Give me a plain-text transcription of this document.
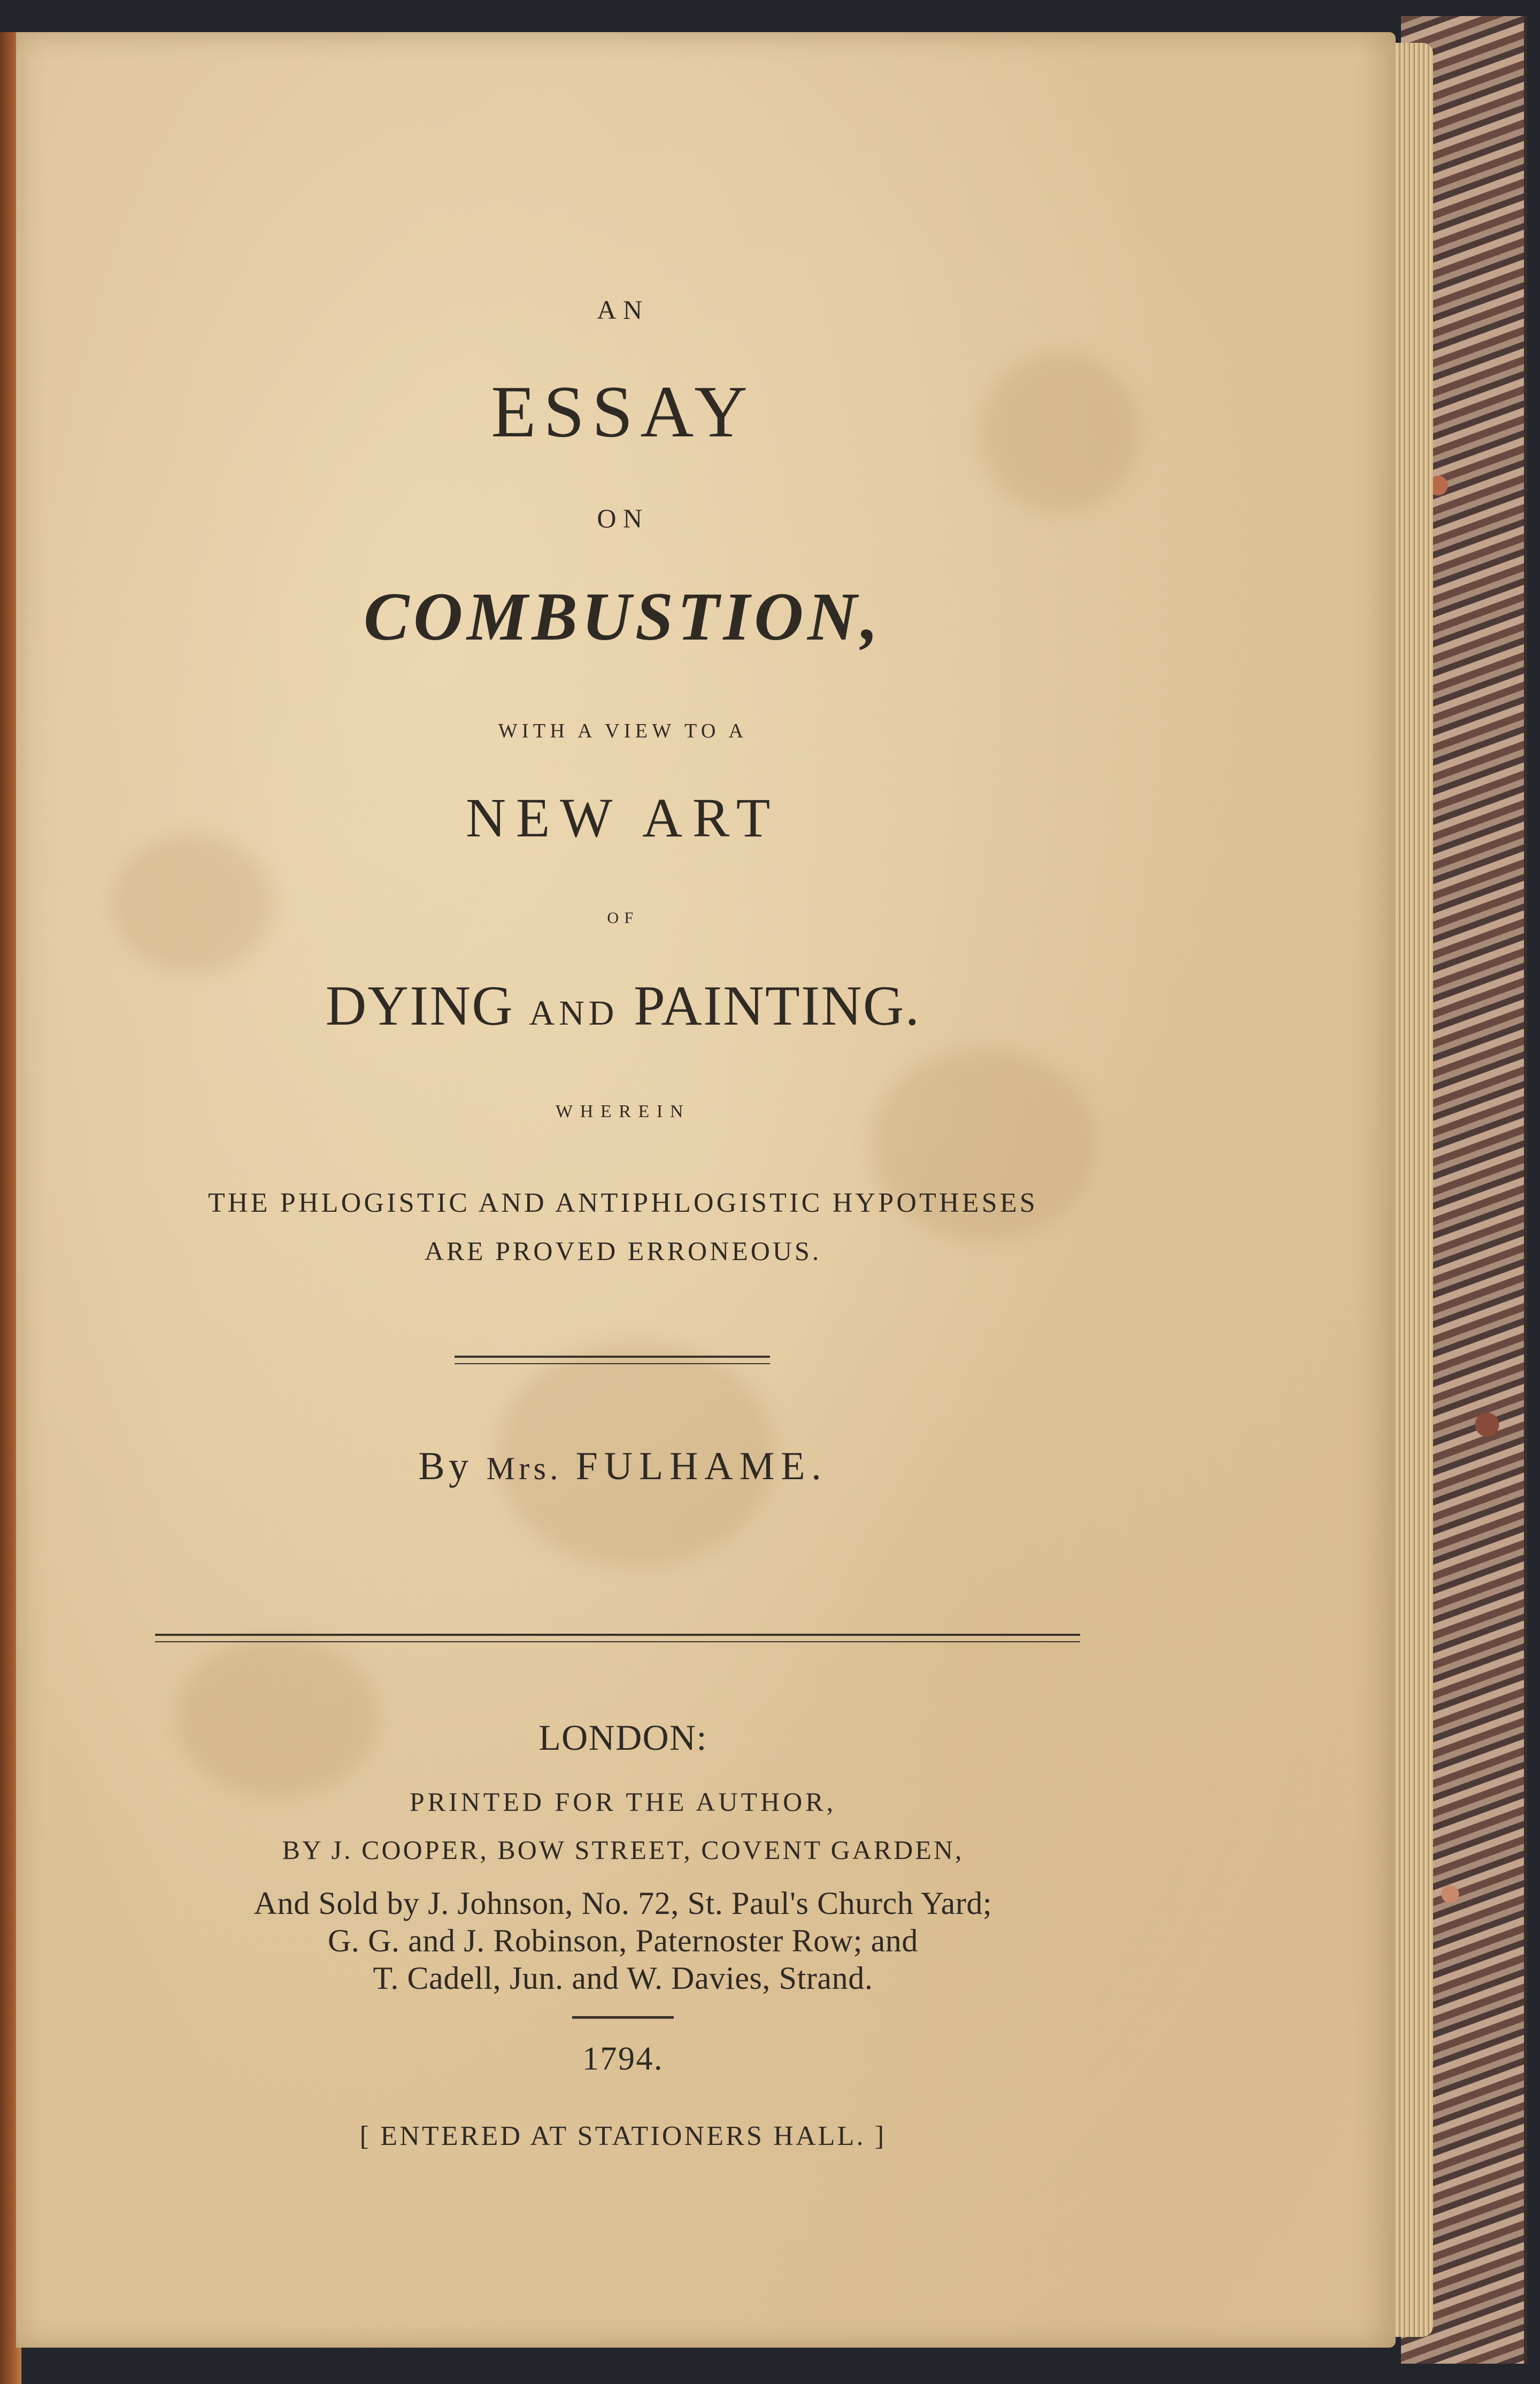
AN
ESSAY
ON
COMBUSTION,
WITH A VIEW TO A
NEW ART
OF
DYING AND PAINTING.
WHEREIN
THE PHLOGISTIC AND ANTIPHLOGISTIC HYPOTHESES
ARE PROVED ERRONEOUS.
By Mrs. FULHAME.
LONDON:
PRINTED FOR THE AUTHOR,
BY J. COOPER, BOW STREET, COVENT GARDEN,
And Sold by J. Johnson, No. 72, St. Paul's Church Yard;
G. G. and J. Robinson, Paternoster Row; and
T. Cadell, Jun. and W. Davies, Strand.
1794.
[ ENTERED AT STATIONERS HALL. ]
